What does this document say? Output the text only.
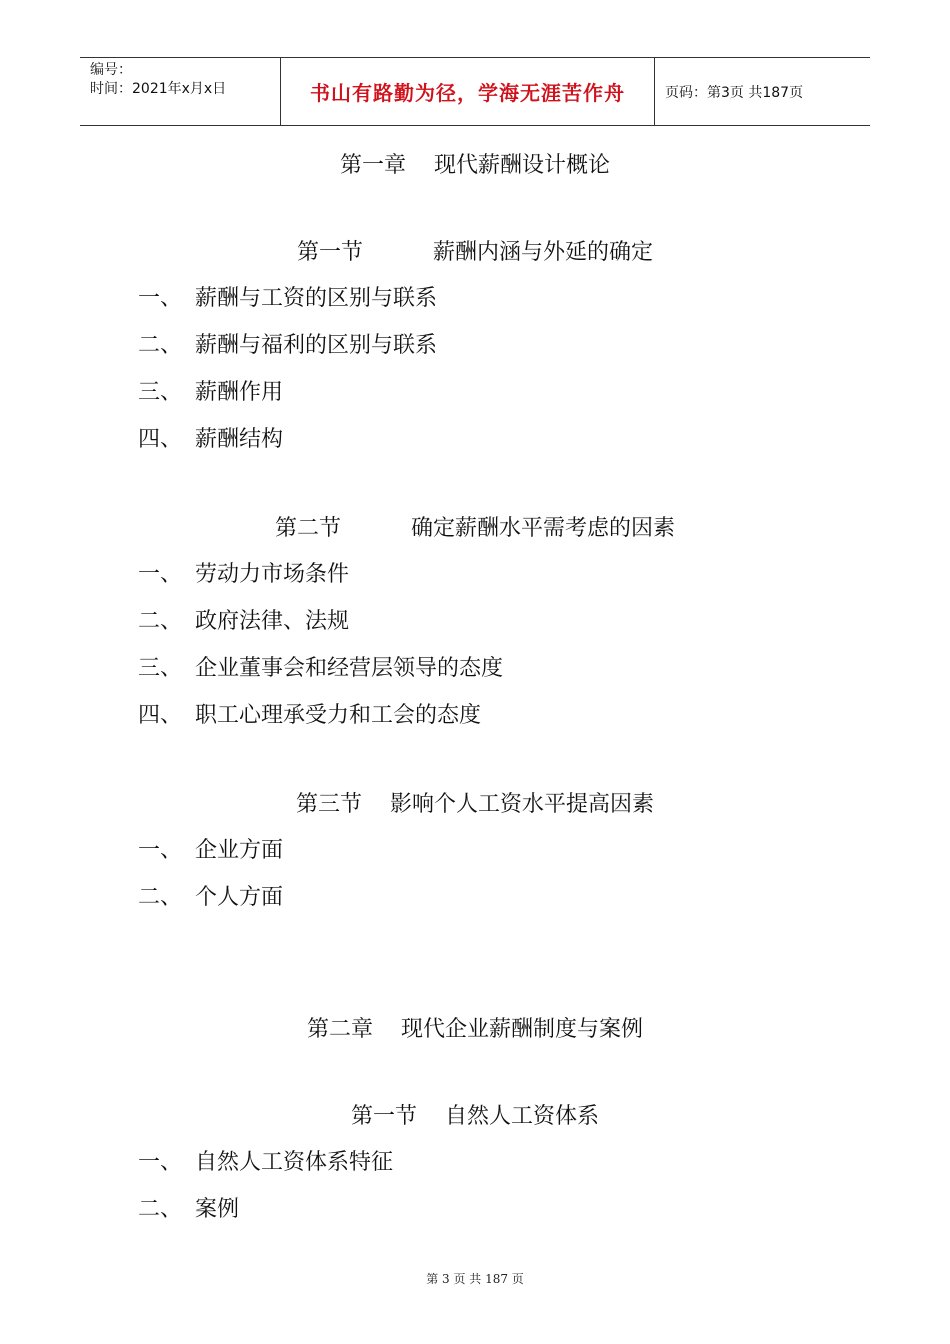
编号：
时间：2021年x月x日	书山有路勤为径，学海无涯苦作舟	页码：第3页 共187页
第一章    现代薪酬设计概论
第一节          薪酬内涵与外延的确定
一、 薪酬与工资的区别与联系
二、 薪酬与福利的区别与联系
三、 薪酬作用
四、 薪酬结构
第二节          确定薪酬水平需考虑的因素
一、 劳动力市场条件
二、 政府法律、法规
三、 企业董事会和经营层领导的态度
四、 职工心理承受力和工会的态度
第三节    影响个人工资水平提高因素
一、 企业方面
二、 个人方面
第二章    现代企业薪酬制度与案例
第一节    自然人工资体系
一、 自然人工资体系特征
二、 案例
第 3 页 共 187 页
